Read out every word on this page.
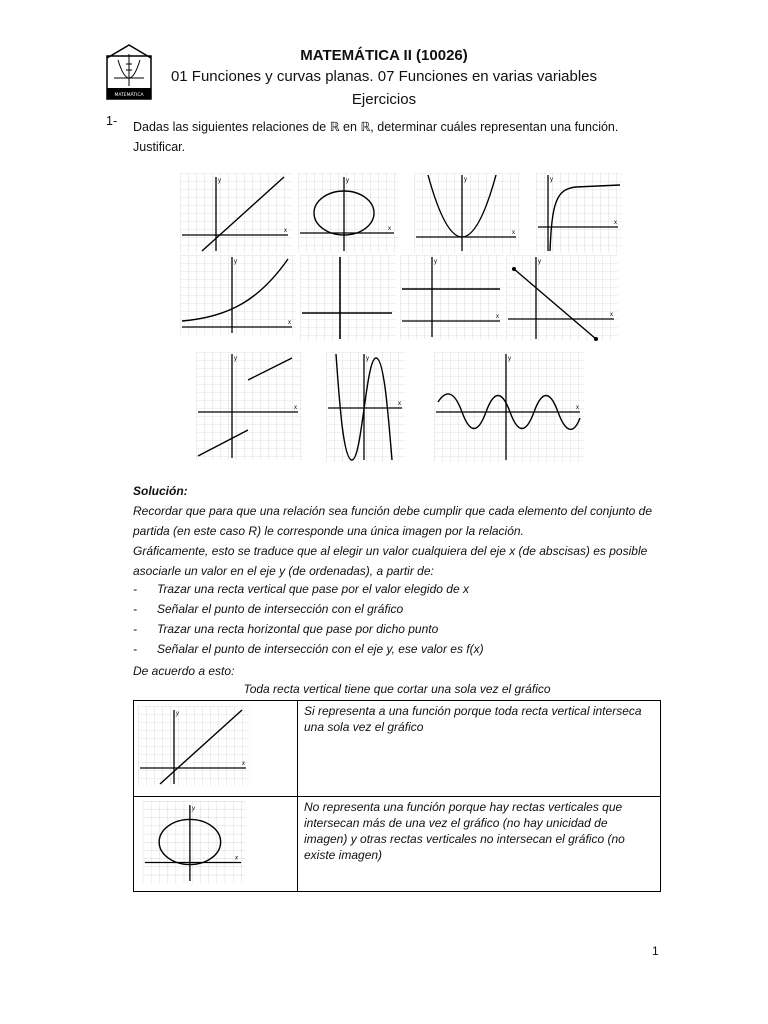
MATEMÁTICA
MATEMÁTICA II (10026)
01 Funciones y curvas planas. 07 Funciones en varias variables
Ejercicios
1- Dadas las siguientes relaciones de ℝ en ℝ, determinar cuáles representan una función.
Justificar.
x
y
x
y
x
y
x
y
x
y
x
y
x
y
x
y
x
y
x
y
Solución:
Recordar que para que una relación sea función debe cumplir que cada elemento del conjunto de partida (en este caso R) le corresponde una única imagen por la relación.
Gráficamente, esto se traduce que al elegir un valor cualquiera del eje x (de abscisas) es posible asociarle un valor en el eje y (de ordenadas), a partir de:
-      Trazar una recta vertical que pase por el valor elegido de x
-      Señalar el punto de intersección con el gráfico
-      Trazar una recta horizontal que pase por dicho punto
-      Señalar el punto de intersección con el eje y, ese valor es f(x)
De acuerdo a esto:
Toda recta vertical tiene que cortar una sola vez el gráfico
x
y	Si representa a una función porque toda recta vertical interseca una sola vez el gráfico

x
y	No representa una función porque hay rectas verticales que intersecan más de una vez el gráfico (no hay unicidad de imagen) y otras rectas verticales no intersecan el gráfico (no existe imagen)
1
